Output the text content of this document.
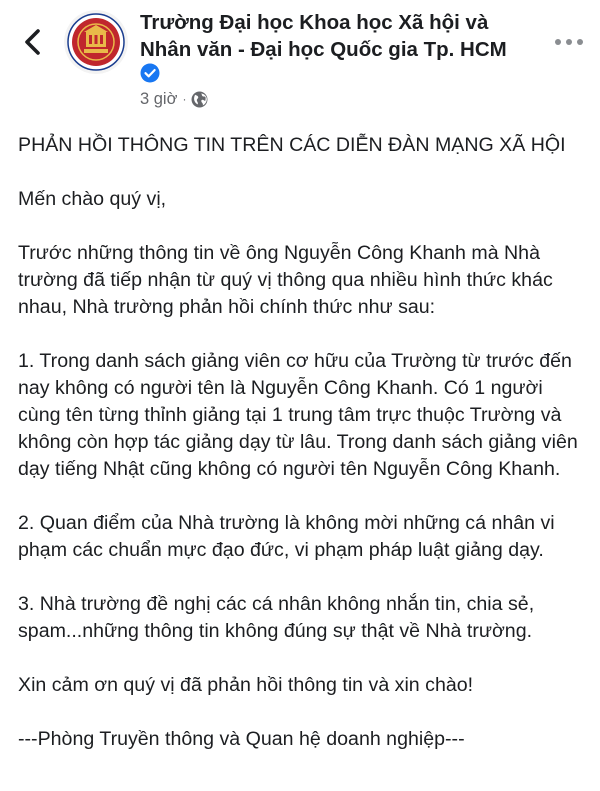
Trường Đại học Khoa học Xã hội và Nhân văn - Đại học Quốc gia Tp. HCM
3 giờ ·

PHẢN HỒI THÔNG TIN TRÊN CÁC DIỄN ĐÀN MẠNG XÃ HỘI

Mến chào quý vị,

Trước những thông tin về ông Nguyễn Công Khanh mà Nhà trường đã tiếp nhận từ quý vị thông qua nhiều hình thức khác nhau, Nhà trường phản hồi chính thức như sau:

1. Trong danh sách giảng viên cơ hữu của Trường từ trước đến nay không có người tên là Nguyễn Công Khanh. Có 1 người cùng tên từng thỉnh giảng tại 1 trung tâm trực thuộc Trường và không còn hợp tác giảng dạy từ lâu. Trong danh sách giảng viên dạy tiếng Nhật cũng không có người tên Nguyễn Công Khanh.

2. Quan điểm của Nhà trường là không mời những cá nhân vi phạm các chuẩn mực đạo đức, vi phạm pháp luật giảng dạy.

3. Nhà trường đề nghị các cá nhân không nhắn tin, chia sẻ, spam...những thông tin không đúng sự thật về Nhà trường.

Xin cảm ơn quý vị đã phản hồi thông tin và xin chào!

---Phòng Truyền thông và Quan hệ doanh nghiệp---
